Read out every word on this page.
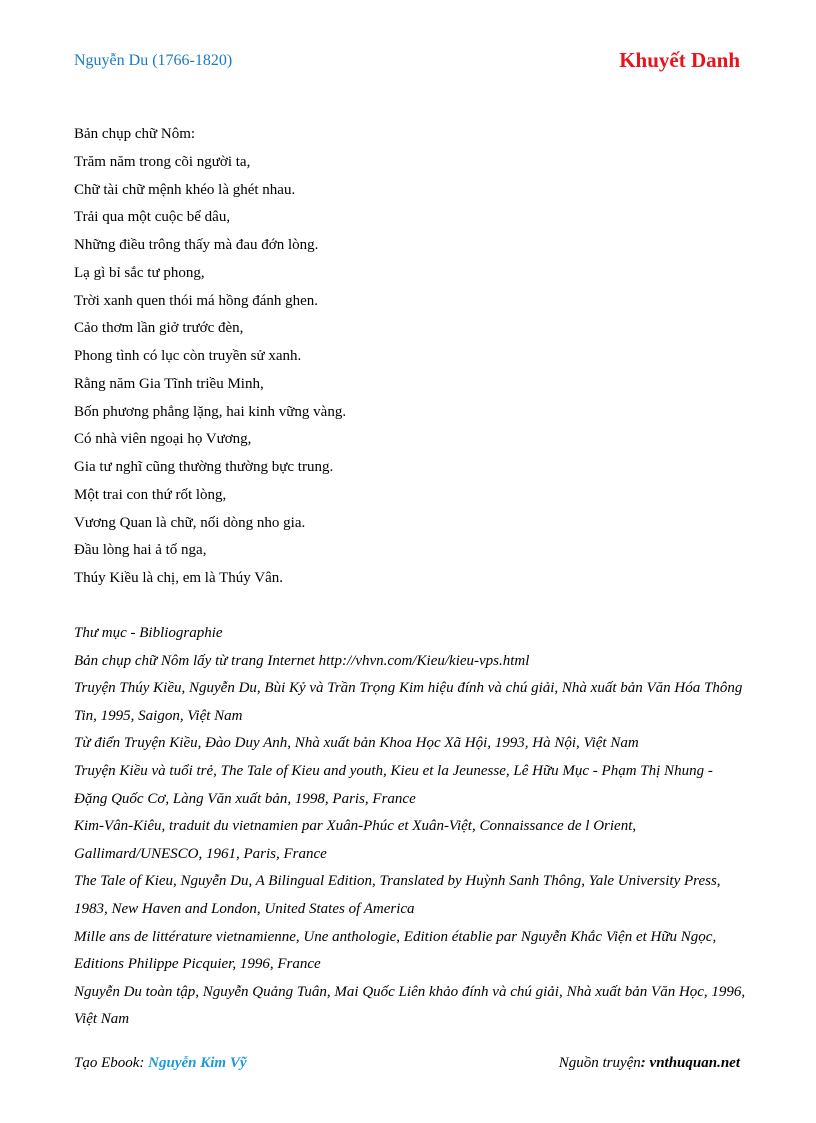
Nguyễn Du (1766-1820)	Khuyết Danh
Bản chụp chữ Nôm:
Trăm năm trong cõi người ta,
Chữ tài chữ mệnh khéo là ghét nhau.
Trải qua một cuộc bể dâu,
Những điều trông thấy mà đau đớn lòng.
Lạ gì bỉ sắc tư phong,
Trời xanh quen thói má hồng đánh ghen.
Cảo thơm lần giở trước đèn,
Phong tình có lục còn truyền sử xanh.
Rằng năm Gia Tĩnh triều Minh,
Bốn phương phẳng lặng, hai kinh vững vàng.
Có nhà viên ngoại họ Vương,
Gia tư nghĩ cũng thường thường bực trung.
Một trai con thứ rốt lòng,
Vương Quan là chữ, nối dòng nho gia.
Đầu lòng hai ả tố nga,
Thúy Kiều là chị, em là Thúy Vân.

Thư mục - Bibliographie

Bản chụp chữ Nôm lấy từ trang Internet http://vhvn.com/Kieu/kieu-vps.html

Truyện Thúy Kiều, Nguyễn Du, Bùi Kỷ và Trần Trọng Kim hiệu đính và chú giải, Nhà xuất bản Văn Hóa Thông Tin, 1995, Saigon, Việt Nam

Từ điển Truyện Kiều, Đào Duy Anh, Nhà xuất bản Khoa Học Xã Hội, 1993, Hà Nội, Việt Nam

Truyện Kiều và tuổi trẻ, The Tale of Kieu and youth, Kieu et la Jeunesse, Lê Hữu Mục - Phạm Thị Nhung - Đặng Quốc Cơ, Làng Văn xuất bản, 1998, Paris, France

Kim-Vân-Kiêu, traduit du vietnamien par Xuân-Phúc et Xuân-Việt, Connaissance de l Orient, Gallimard/UNESCO, 1961, Paris, France

The Tale of Kieu, Nguyễn Du, A Bilingual Edition, Translated by Huỳnh Sanh Thông, Yale University Press, 1983, New Haven and London, United States of America

Mille ans de littérature vietnamienne, Une anthologie, Edition établie par Nguyễn Khắc Viện et Hữu Ngọc, Editions Philippe Picquier, 1996, France

Nguyễn Du toàn tập, Nguyễn Quảng Tuân, Mai Quốc Liên khảo đính và chú giải, Nhà xuất bản Văn Học, 1996, Việt Nam

Tạo Ebook: Nguyễn Kim Vỹ	Nguồn truyện: vnthuquan.net
